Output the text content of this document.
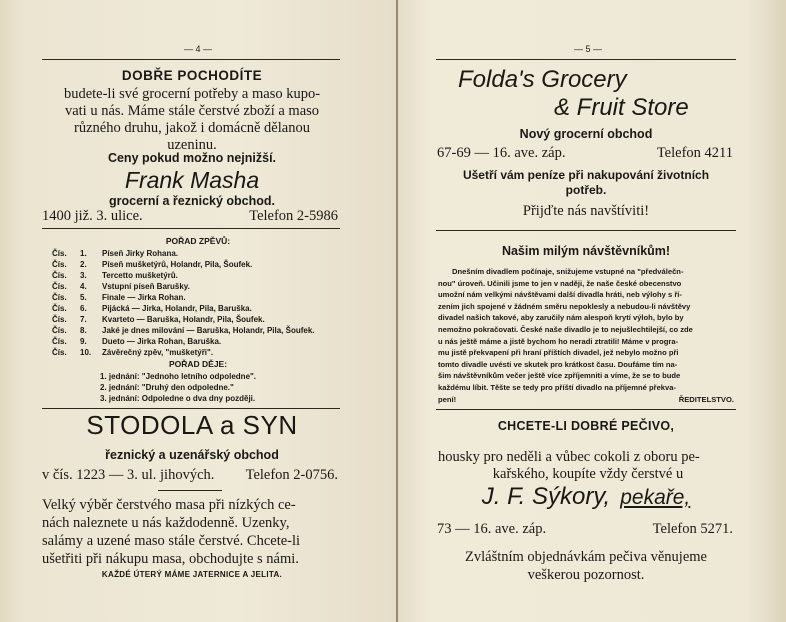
— 4 —
DOBŘE POCHODÍTE
budete-li své grocerní potřeby a maso kupo-
vati u nás. Máme stále čerstvé zboží a maso
různého druhu, jakož i domácně dělanou
uzeninu.
Ceny pokud možno nejnižší.
Frank Masha
grocerní a řeznický obchod.
1400 již. 3. ulice.	Telefon 2-5986
POŘAD ZPĚVŮ:
Čís.	1.	Píseň Jirky Rohana.
Čís.	2.	Píseň mušketýrů, Holandr, Pila, Šoufek.
Čís.	3.	Tercetto mušketýrů.
Čís.	4.	Vstupní píseň Barušky.
Čís.	5.	Finale — Jirka Rohan.
Čís.	6.	Pijácká — Jirka, Holandr, Pila, Baruška.
Čís.	7.	Kvarteto — Baruška, Holandr, Pila, Šoufek.
Čís.	8.	Jaké je dnes milování — Baruška, Holandr, Pila, Šoufek.
Čís.	9.	Dueto — Jirka Rohan, Baruška.
Čís.	10.	Závěrečný zpěv, "mušketýři".
POŘAD DĚJE:
1. jednání: "Jednoho letního odpoledne".
2. jednání: "Druhý den odpoledne."
3. jednání: Odpoledne o dva dny později.
STODOLA a SYN
řeznický a uzenářský obchod
v čís. 1223 — 3. ul. jihových. Telefon 2-0756.
Velký výběr čerstvého masa při nízkých ce-
nách naleznete u nás každodenně. Uzenky,
salámy a uzené maso stále čerstvé. Chcete-li
ušetřiti při nákupu masa, obchodujte s námi.
KAŽDÉ ÚTERÝ MÁME JATERNICE A JELITA.
— 5 —
Folda's Grocery
& Fruit Store
Nový grocerní obchod
67-69 — 16. ave. záp.	Telefon 4211
Ušetří vám peníze při nakupování životních
potřeb.
Přijďte nás navštíviti!
Našim milým návštěvníkům!
Dnešním divadlem počínaje, snižujeme vstupné na "předválečn-
nou" úroveň. Učinili jsme to jen v naději, že naše české obecenstvo
umožní nám velkými návštěvami další divadla hráti, neb výlohy s ří-
zením jich spojené v žádném směru nepoklesly a nebudou-li návštěvy
divadel našich takové, aby zaručily nám alespoň krytí výloh, bylo by
nemožno pokračovati. České naše divadlo je to nejušlechtilejší, co zde
u nás ještě máme a jistě bychom ho neradi ztratili! Máme v progra-
mu jistě překvapení při hraní příštích divadel, jež nebylo možno při
tomto divadle uvésti ve skutek pro krátkost času. Doufáme tím na-
šim návštěvníkům večer ještě více zpříjemniti a víme, že se to bude
každému líbit. Těšte se tedy pro příští divadlo na příjemné překva-
pení!	ŘEDITELSTVO.
CHCETE-LI DOBRÉ PEČIVO,
housky pro neděli a vůbec cokoli z oboru pe-
kařského, koupíte vždy čerstvé u
J. F. Sýkory, pekaře,
73 — 16. ave. záp.	Telefon 5271.
Zvláštním objednávkám pečiva věnujeme
veškerou pozornost.
